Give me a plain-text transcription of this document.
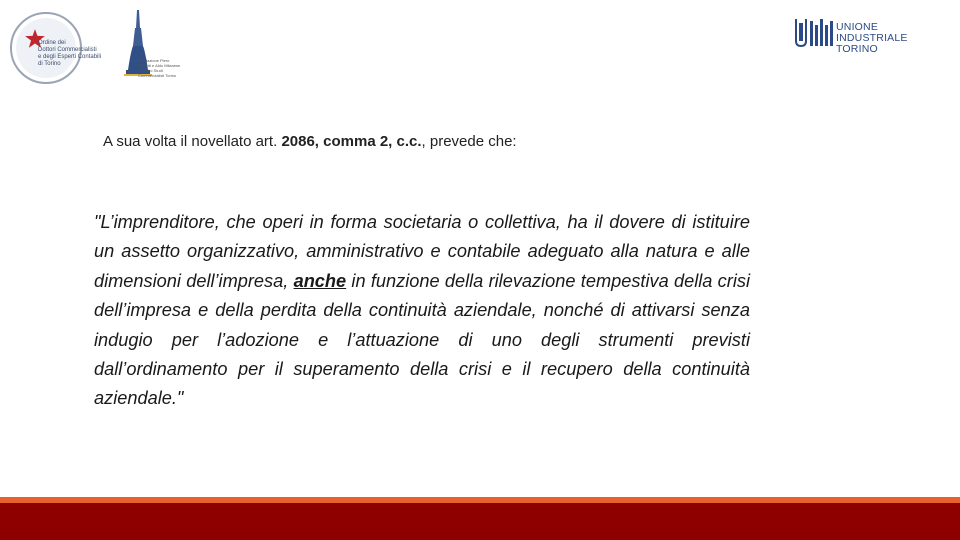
Ordine dei
Dottori Commercialisti
e degli Esperti Contabili
di Torino
Fondazione Piero Piccatti e Aldo Milanese · Centro Studi Commercialisti Torino
UNIONE INDUSTRIALE
TORINO
A sua volta il novellato art. 2086, comma 2, c.c., prevede che:
"L’imprenditore, che operi in forma societaria o collettiva, ha il dovere di istituire un assetto organizzativo, amministrativo e contabile adeguato alla natura e alle dimensioni dell’impresa, anche in funzione della rilevazione tempestiva della crisi dell’impresa e della perdita della continuità aziendale, nonché di attivarsi senza indugio per l’adozione e l’attuazione di uno degli strumenti previsti dall’ordinamento per il superamento della crisi e il recupero della continuità aziendale."
